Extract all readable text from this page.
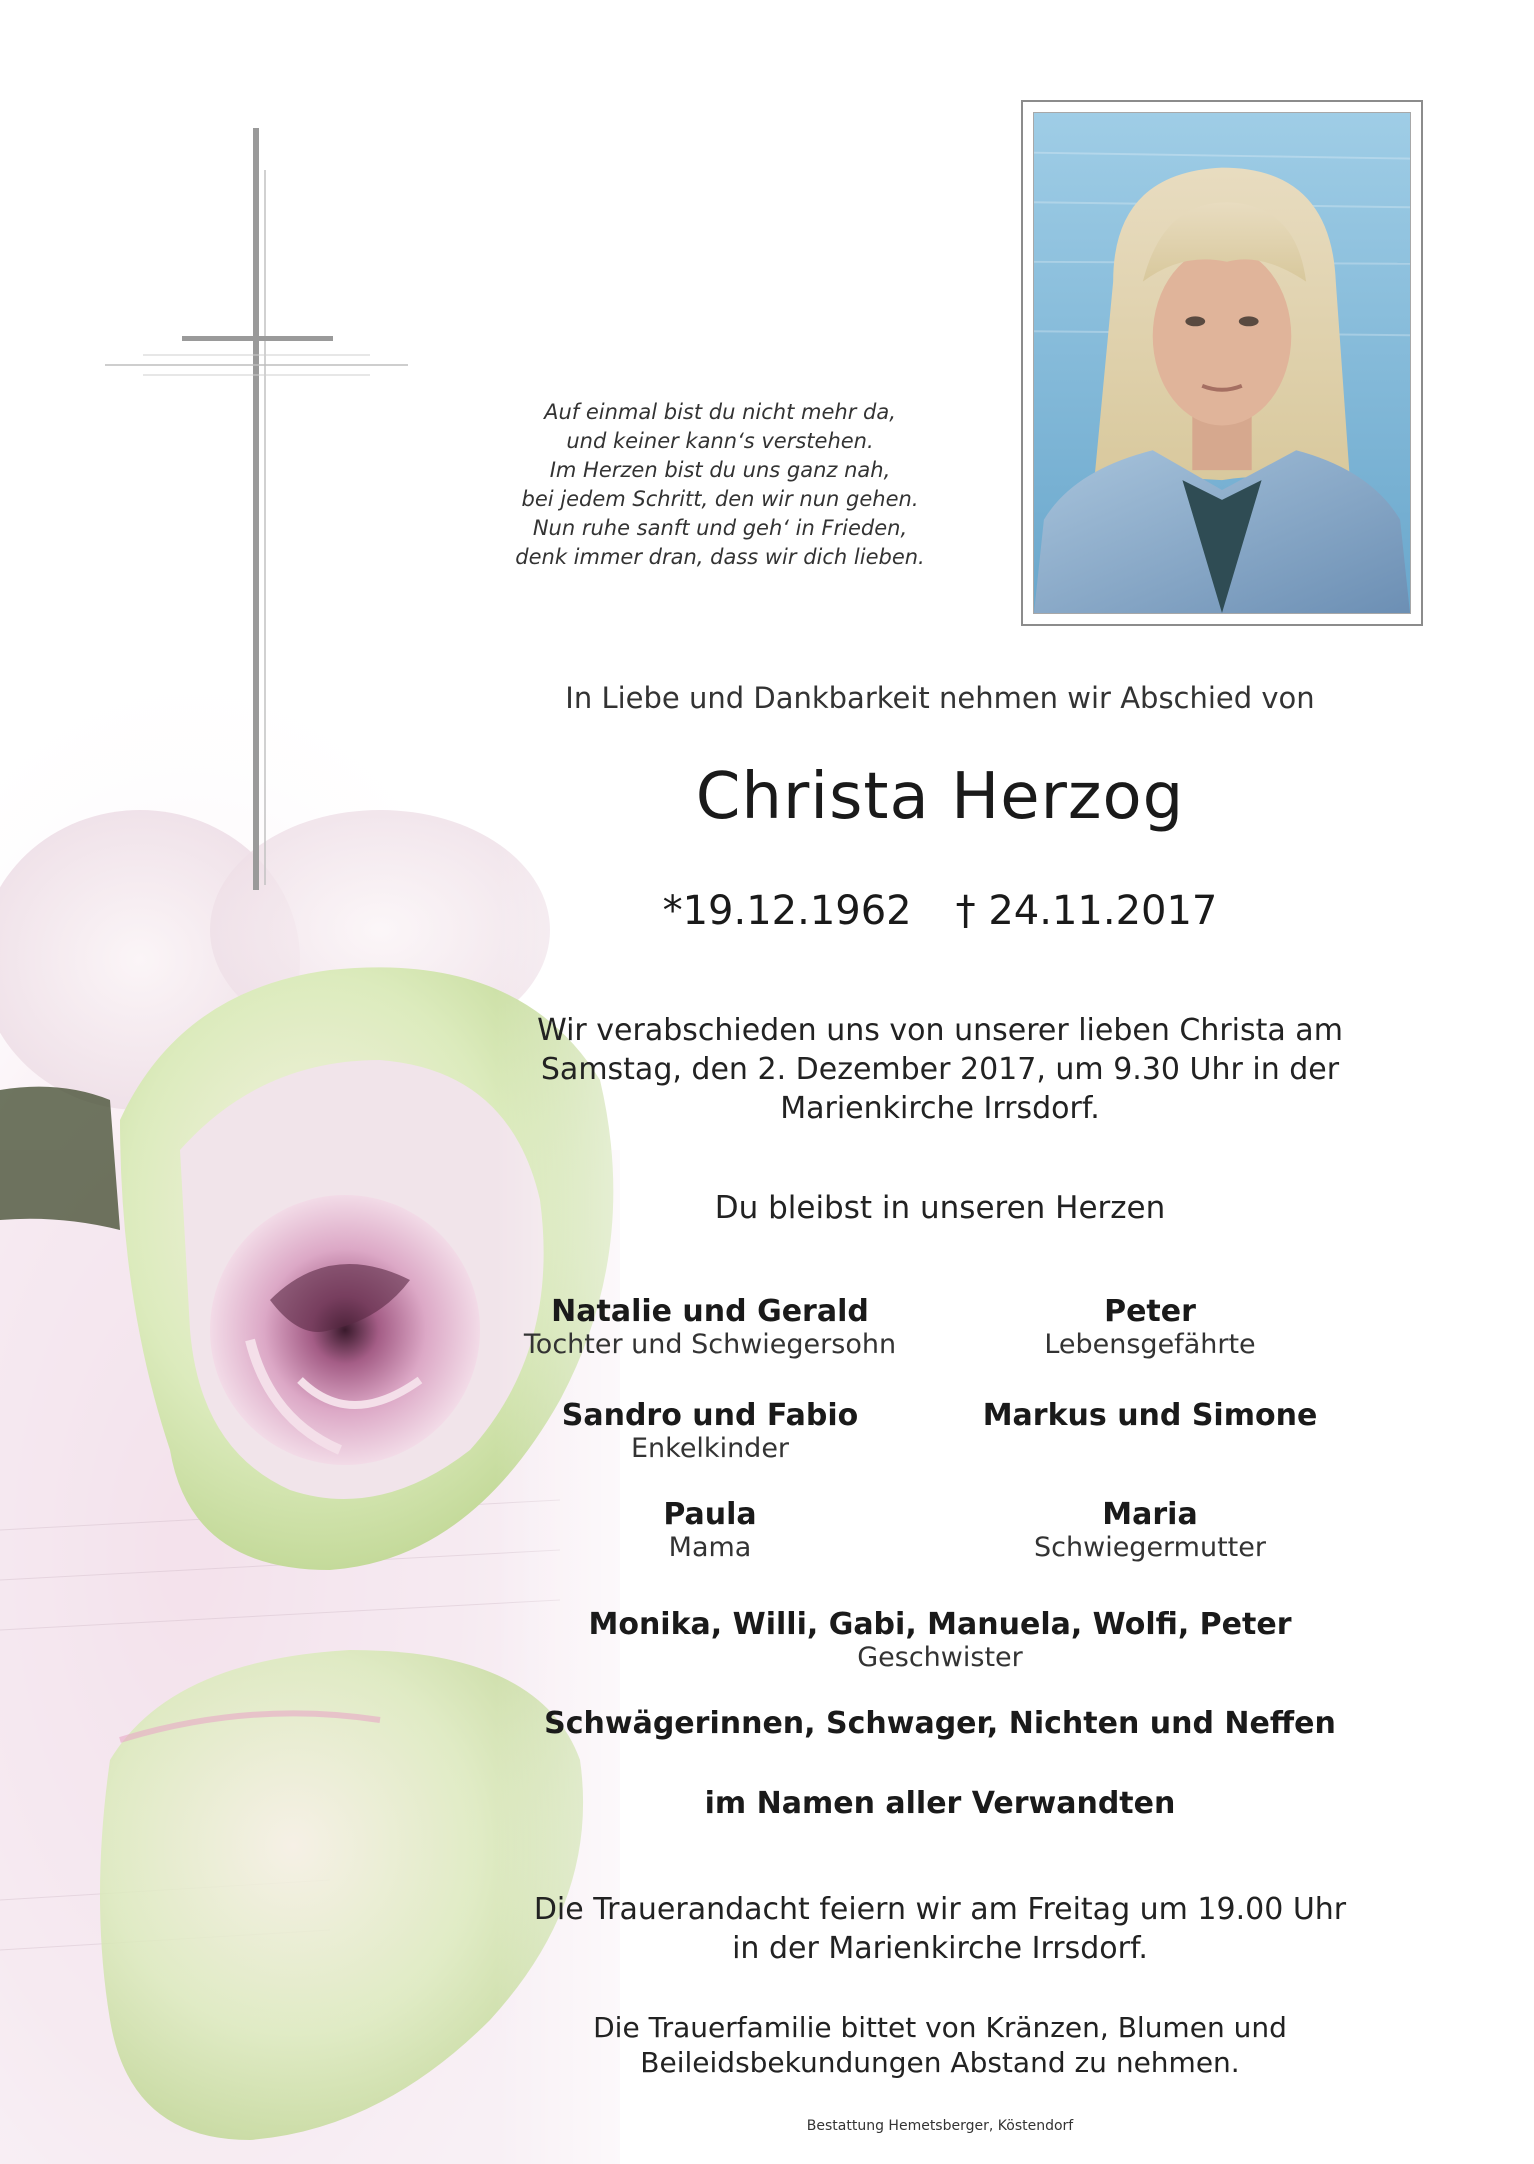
Auf einmal bist du nicht mehr da,
und keiner kann‘s verstehen.
Im Herzen bist du uns ganz nah,
bei jedem Schritt, den wir nun gehen.
Nun ruhe sanft und geh‘ in Frieden,
denk immer dran, dass wir dich lieben.
In Liebe und Dankbarkeit nehmen wir Abschied von
Christa Herzog
*19.12.1962 † 24.11.2017
Wir verabschieden uns von unserer lieben Christa am
Samstag, den 2. Dezember 2017, um 9.30 Uhr in der
Marienkirche Irrsdorf.
Du bleibst in unseren Herzen
Natalie und Gerald
Tochter und Schwiegersohn
Peter
Lebensgefährte
Sandro und Fabio
Enkelkinder
Markus und Simone
Paula
Mama
Maria
Schwiegermutter
Monika, Willi, Gabi, Manuela, Wolfi, Peter
Geschwister
Schwägerinnen, Schwager, Nichten und Neffen
im Namen aller Verwandten
Die Trauerandacht feiern wir am Freitag um 19.00 Uhr
in der Marienkirche Irrsdorf.
Die Trauerfamilie bittet von Kränzen, Blumen und
Beileidsbekundungen Abstand zu nehmen.
Bestattung Hemetsberger, Köstendorf
